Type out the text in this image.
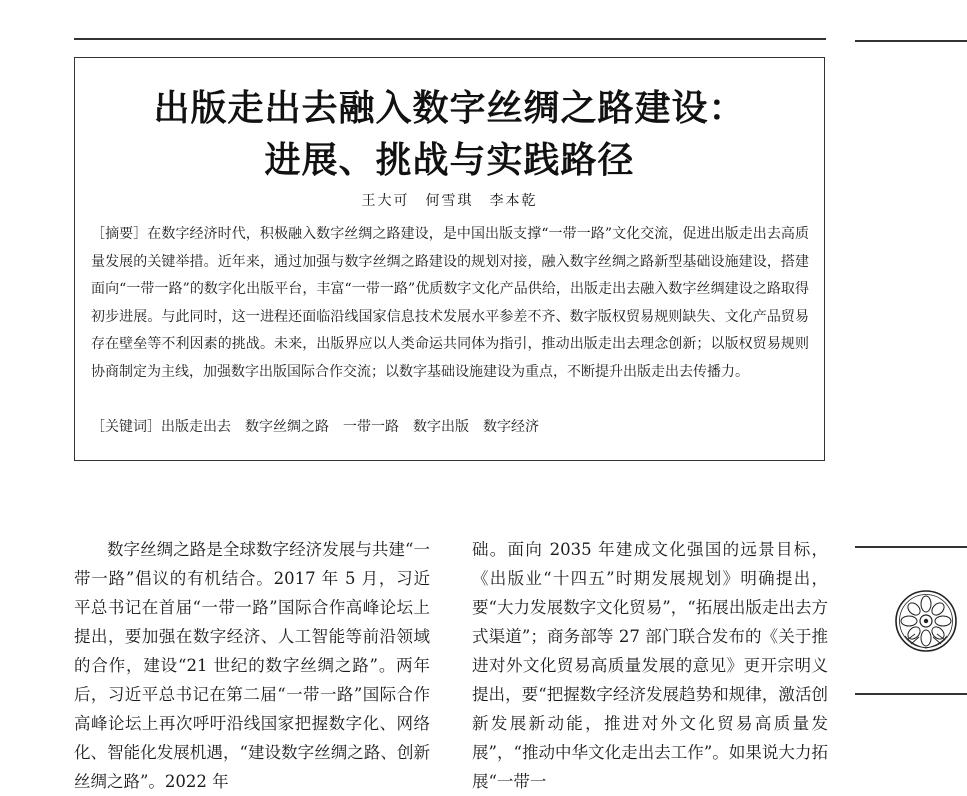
出版走出去融入数字丝绸之路建设：
进展、挑战与实践路径
王大可　何雪琪　李本乾
［摘要］在数字经济时代，积极融入数字丝绸之路建设，是中国出版支撑“一带一路”文化交流，促进出版走出去高质量发展的关键举措。近年来，通过加强与数字丝绸之路建设的规划对接，融入数字丝绸之路新型基础设施建设，搭建面向“一带一路”的数字化出版平台，丰富“一带一路”优质数字文化产品供给，出版走出去融入数字丝绸建设之路取得初步进展。与此同时，这一进程还面临沿线国家信息技术发展水平参差不齐、数字版权贸易规则缺失、文化产品贸易存在壁垒等不利因素的挑战。未来，出版界应以人类命运共同体为指引，推动出版走出去理念创新；以版权贸易规则协商制定为主线，加强数字出版国际合作交流；以数字基础设施建设为重点，不断提升出版走出去传播力。
［关键词］出版走出去 数字丝绸之路 一带一路 数字出版 数字经济

数字丝绸之路是全球数字经济发展与共建“一带一路”倡议的有机结合。2017 年 5 月，习近平总书记在首届“一带一路”国际合作高峰论坛上提出，要加强在数字经济、人工智能等前沿领域的合作，建设“21 世纪的数字丝绸之路”。两年后，习近平总书记在第二届“一带一路”国际合作高峰论坛上再次呼吁沿线国家把握数字化、网络化、智能化发展机遇，“建设数字丝绸之路、创新丝绸之路”。2022 年

础。面向 2035 年建成文化强国的远景目标，《出版业“十四五”时期发展规划》明确提出，要“大力发展数字文化贸易”，“拓展出版走出去方式渠道”；商务部等 27 部门联合发布的《关于推进对外文化贸易高质量发展的意见》更开宗明义提出，要“把握数字经济发展趋势和规律，激活创新发展新动能，推进对外文化贸易高质量发展”，“推动中华文化走出去工作”。如果说大力拓展“一带一
